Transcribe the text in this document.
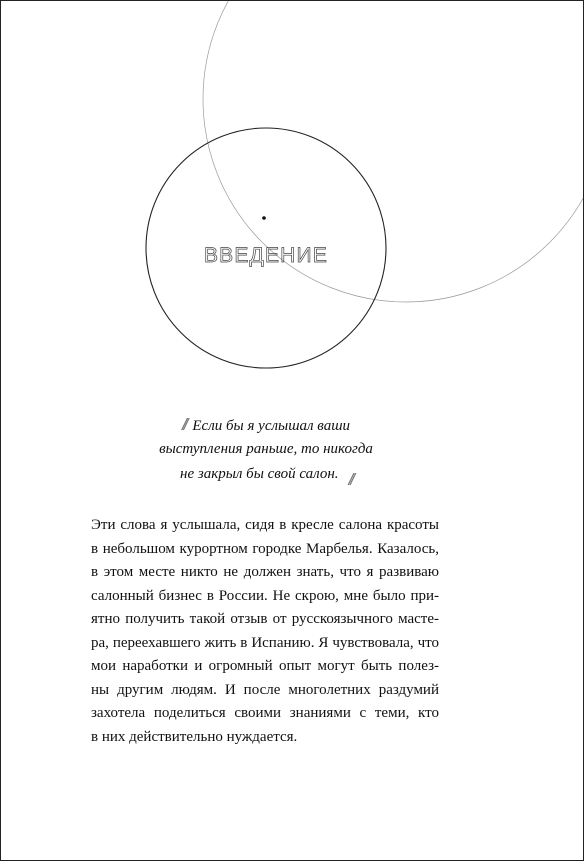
ВВЕДЕНИЕ
// Если бы я услышал ваши
выступления раньше, то никогда
не закрыл бы свой салон. //
Эти слова я услышала, сидя в кресле салона красоты
в небольшом курортном городке Марбелья. Казалось,
в этом месте никто не должен знать, что я развиваю
салонный бизнес в России. Не скрою, мне было при-
ятно получить такой отзыв от русскоязычного масте-
ра, переехавшего жить в Испанию. Я чувствовала, что
мои наработки и огромный опыт могут быть полез-
ны другим людям. И после многолетних раздумий
захотела поделиться своими знаниями с теми, кто
в них действительно нуждается.
